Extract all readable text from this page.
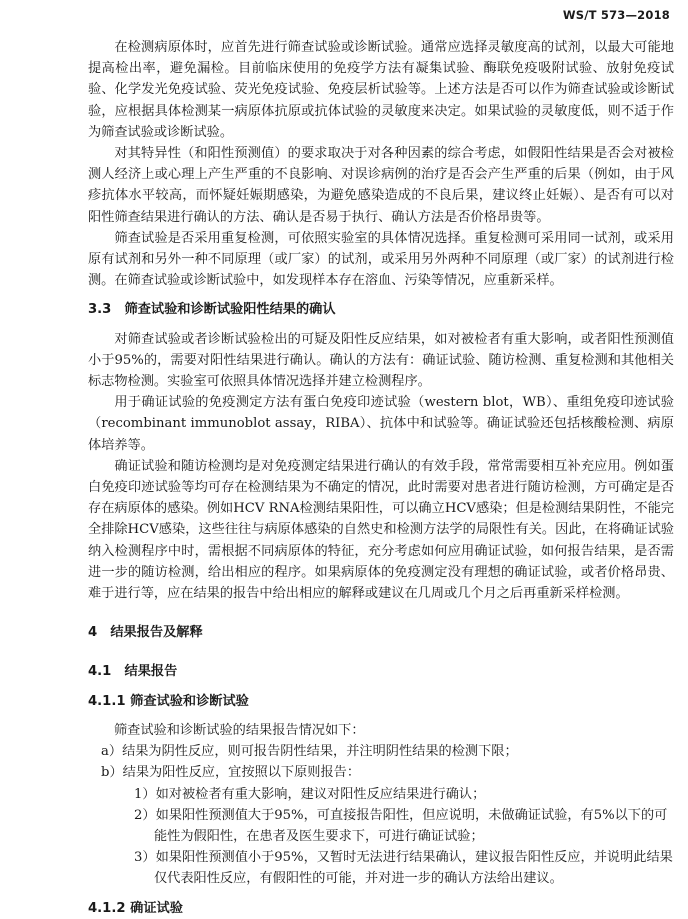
WS/T 573—2018

在检测病原体时，应首先进行筛查试验或诊断试验。通常应选择灵敏度高的试剂，以最大可能地提高检出率，避免漏检。目前临床使用的免疫学方法有凝集试验、酶联免疫吸附试验、放射免疫试验、化学发光免疫试验、荧光免疫试验、免疫层析试验等。上述方法是否可以作为筛查试验或诊断试验，应根据具体检测某一病原体抗原或抗体试验的灵敏度来决定。如果试验的灵敏度低，则不适于作为筛查试验或诊断试验。

对其特异性（和阳性预测值）的要求取决于对各种因素的综合考虑，如假阳性结果是否会对被检测人经济上或心理上产生严重的不良影响、对误诊病例的治疗是否会产生严重的后果（例如，由于风疹抗体水平较高，而怀疑妊娠期感染，为避免感染造成的不良后果，建议终止妊娠）、是否有可以对阳性筛查结果进行确认的方法、确认是否易于执行、确认方法是否价格昂贵等。

筛查试验是否采用重复检测，可依照实验室的具体情况选择。重复检测可采用同一试剂，或采用原有试剂和另外一种不同原理（或厂家）的试剂，或采用另外两种不同原理（或厂家）的试剂进行检测。在筛查试验或诊断试验中，如发现样本存在溶血、污染等情况，应重新采样。

3.3　筛查试验和诊断试验阳性结果的确认

对筛查试验或者诊断试验检出的可疑及阳性反应结果，如对被检者有重大影响，或者阳性预测值小于95%的，需要对阳性结果进行确认。确认的方法有：确证试验、随访检测、重复检测和其他相关标志物检测。实验室可依照具体情况选择并建立检测程序。

用于确证试验的免疫测定方法有蛋白免疫印迹试验（western blot，WB）、重组免疫印迹试验（recombinant immunoblot assay，RIBA）、抗体中和试验等。确证试验还包括核酸检测、病原体培养等。

确证试验和随访检测均是对免疫测定结果进行确认的有效手段，常常需要相互补充应用。例如蛋白免疫印迹试验等均可存在检测结果为不确定的情况，此时需要对患者进行随访检测，方可确定是否存在病原体的感染。例如HCV RNA检测结果阳性，可以确立HCV感染；但是检测结果阴性，不能完全排除HCV感染，这些往往与病原体感染的自然史和检测方法学的局限性有关。因此，在将确证试验纳入检测程序中时，需根据不同病原体的特征，充分考虑如何应用确证试验，如何报告结果，是否需进一步的随访检测，给出相应的程序。如果病原体的免疫测定没有理想的确证试验，或者价格昂贵、难于进行等，应在结果的报告中给出相应的解释或建议在几周或几个月之后再重新采样检测。

4　结果报告及解释

4.1　结果报告

4.1.1 筛查试验和诊断试验

筛查试验和诊断试验的结果报告情况如下：

a）结果为阴性反应，则可报告阴性结果，并注明阴性结果的检测下限；

b）结果为阳性反应，宜按照以下原则报告：

1）如对被检者有重大影响，建议对阳性反应结果进行确认；

2）如果阳性预测值大于95%，可直接报告阳性，但应说明，未做确证试验，有5%以下的可能性为假阳性，在患者及医生要求下，可进行确证试验；

3）如果阳性预测值小于95%，又暂时无法进行结果确认，建议报告阳性反应，并说明此结果仅代表阳性反应，有假阳性的可能，并对进一步的确认方法给出建议。

4.1.2 确证试验
